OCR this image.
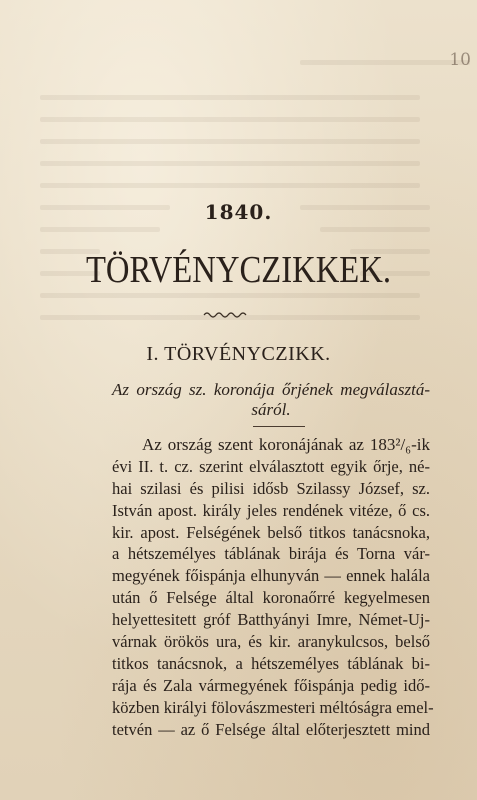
10
1840.
TÖRVÉNYCZIKKEK.
I. TÖRVÉNYCZIKK.
Az ország sz. koronája őrjének megválasztá-sáról.
Az ország szent koronájának az 183²/₆-ik
évi II. t. cz. szerint elválasztott egyik őrje, né-
hai szilasi és pilisi idősb Szilassy József, sz.
István apost. király jeles rendének vitéze, ő cs.
kir. apost. Felségének belső titkos tanácsnoka,
a hétszemélyes táblának birája és Torna vár-
megyének főispánja elhunyván — ennek halála
után ő Felsége által koronaőrré kegyelmesen
helyettesitett gróf Batthyányi Imre, Német-Uj-
várnak örökös ura, és kir. aranykulcsos, belső
titkos tanácsnok, a hétszemélyes táblának bi-
rája és Zala vármegyének főispánja pedig idő-
közben királyi fölovászmesteri méltóságra emel-
tetvén — az ő Felsége által előterjesztett mind
